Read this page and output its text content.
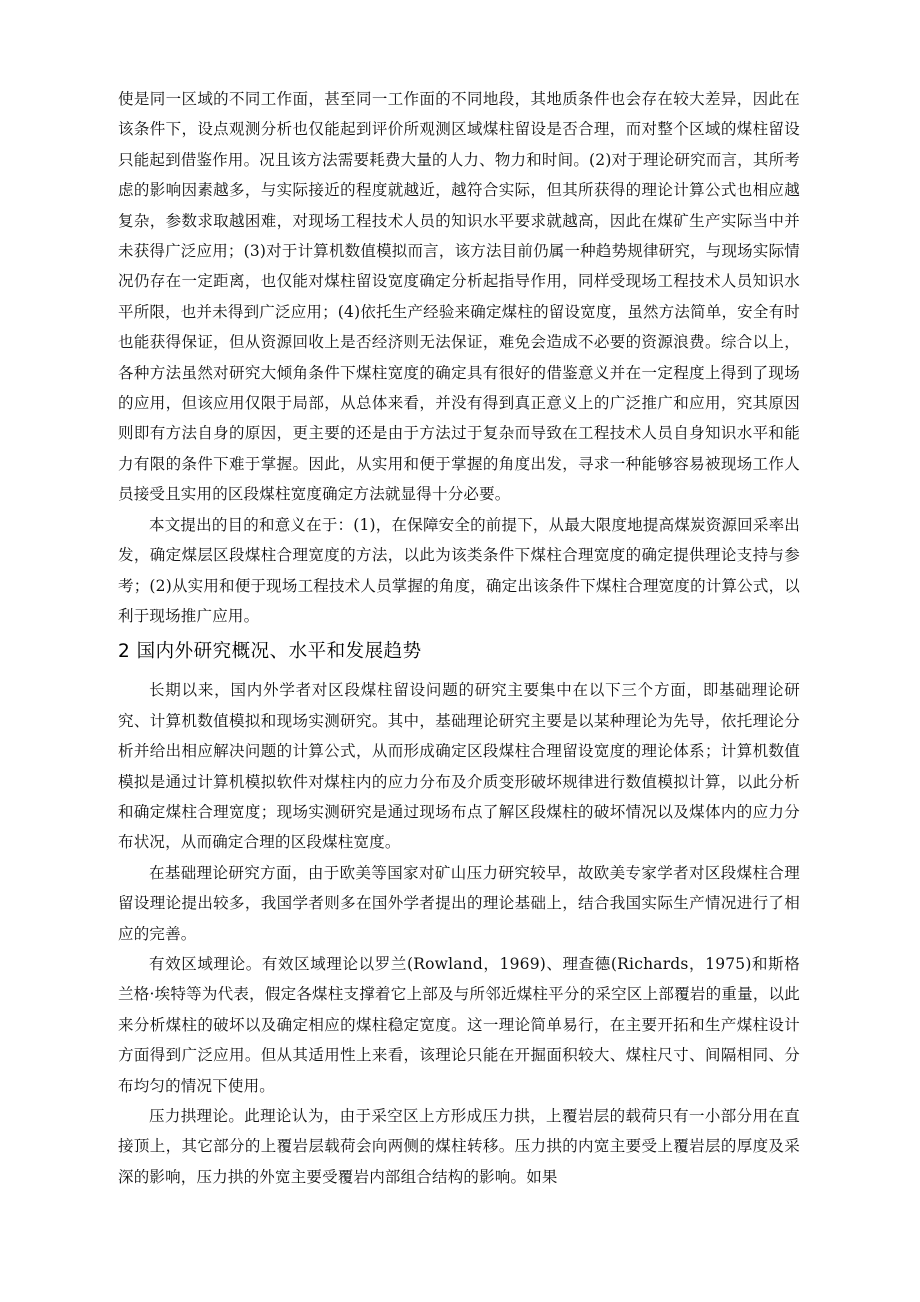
使是同一区域的不同工作面，甚至同一工作面的不同地段，其地质条件也会存在较大差异，因此在该条件下，设点观测分析也仅能起到评价所观测区域煤柱留设是否合理，而对整个区域的煤柱留设只能起到借鉴作用。况且该方法需要耗费大量的人力、物力和时间。(2)对于理论研究而言，其所考虑的影响因素越多，与实际接近的程度就越近，越符合实际，但其所获得的理论计算公式也相应越复杂，参数求取越困难，对现场工程技术人员的知识水平要求就越高，因此在煤矿生产实际当中并未获得广泛应用；(3)对于计算机数值模拟而言，该方法目前仍属一种趋势规律研究，与现场实际情况仍存在一定距离，也仅能对煤柱留设宽度确定分析起指导作用，同样受现场工程技术人员知识水平所限，也并未得到广泛应用；(4)依托生产经验来确定煤柱的留设宽度，虽然方法简单，安全有时也能获得保证，但从资源回收上是否经济则无法保证，难免会造成不必要的资源浪费。综合以上，各种方法虽然对研究大倾角条件下煤柱宽度的确定具有很好的借鉴意义并在一定程度上得到了现场的应用，但该应用仅限于局部，从总体来看，并没有得到真正意义上的广泛推广和应用，究其原因则即有方法自身的原因，更主要的还是由于方法过于复杂而导致在工程技术人员自身知识水平和能力有限的条件下难于掌握。因此，从实用和便于掌握的角度出发，寻求一种能够容易被现场工作人员接受且实用的区段煤柱宽度确定方法就显得十分必要。

本文提出的目的和意义在于：(1)，在保障安全的前提下，从最大限度地提高煤炭资源回采率出发，确定煤层区段煤柱合理宽度的方法，以此为该类条件下煤柱合理宽度的确定提供理论支持与参考；(2)从实用和便于现场工程技术人员掌握的角度，确定出该条件下煤柱合理宽度的计算公式，以利于现场推广应用。

2 国内外研究概况、水平和发展趋势

长期以来，国内外学者对区段煤柱留设问题的研究主要集中在以下三个方面，即基础理论研究、计算机数值模拟和现场实测研究。其中，基础理论研究主要是以某种理论为先导，依托理论分析并给出相应解决问题的计算公式，从而形成确定区段煤柱合理留设宽度的理论体系；计算机数值模拟是通过计算机模拟软件对煤柱内的应力分布及介质变形破坏规律进行数值模拟计算，以此分析和确定煤柱合理宽度；现场实测研究是通过现场布点了解区段煤柱的破坏情况以及煤体内的应力分布状况，从而确定合理的区段煤柱宽度。

在基础理论研究方面，由于欧美等国家对矿山压力研究较早，故欧美专家学者对区段煤柱合理留设理论提出较多，我国学者则多在国外学者提出的理论基础上，结合我国实际生产情况进行了相应的完善。

有效区域理论。有效区域理论以罗兰(Rowland，1969)、理查德(Richards，1975)和斯格兰格·埃特等为代表，假定各煤柱支撑着它上部及与所邻近煤柱平分的采空区上部覆岩的重量，以此来分析煤柱的破坏以及确定相应的煤柱稳定宽度。这一理论简单易行，在主要开拓和生产煤柱设计方面得到广泛应用。但从其适用性上来看，该理论只能在开掘面积较大、煤柱尺寸、间隔相同、分布均匀的情况下使用。

压力拱理论。此理论认为，由于采空区上方形成压力拱，上覆岩层的载荷只有一小部分用在直接顶上，其它部分的上覆岩层载荷会向两侧的煤柱转移。压力拱的内宽主要受上覆岩层的厚度及采深的影响，压力拱的外宽主要受覆岩内部组合结构的影响。如果
